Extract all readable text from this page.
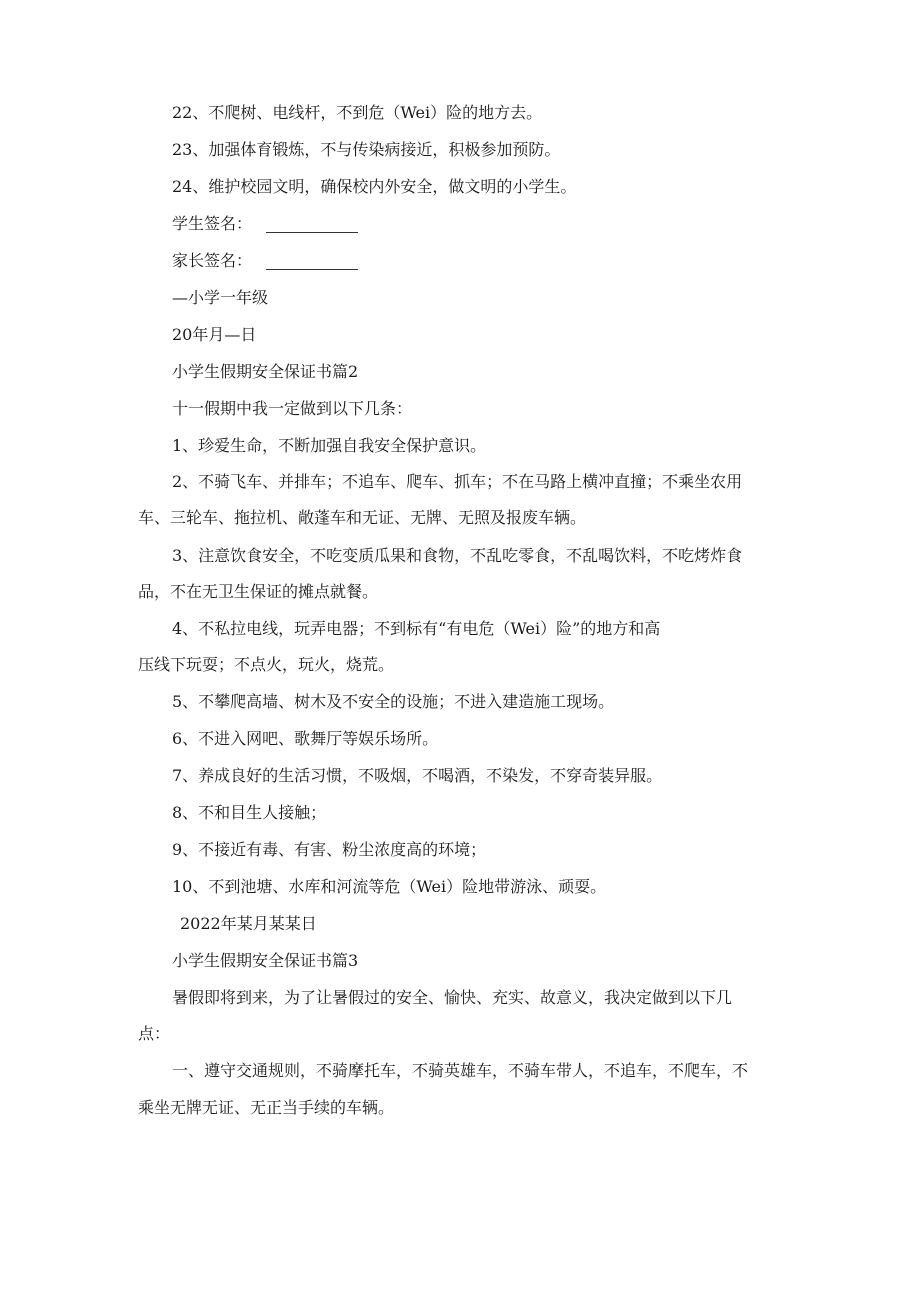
22、不爬树、电线杆，不到危（Wei）险的地方去。
23、加强体育锻炼，不与传染病接近，积极参加预防。
24、维护校园文明，确保校内外安全，做文明的小学生。
学生签名：
家长签名：
—小学一年级
20年月—日
小学生假期安全保证书篇2
十一假期中我一定做到以下几条：
1、珍爱生命，不断加强自我安全保护意识。
2、不骑飞车、并排车；不追车、爬车、抓车；不在马路上横冲直撞；不乘坐农用
车、三轮车、拖拉机、敞蓬车和无证、无牌、无照及报废车辆。
3、注意饮食安全，不吃变质瓜果和食物，不乱吃零食，不乱喝饮料，不吃烤炸食
品，不在无卫生保证的摊点就餐。
4、不私拉电线，玩弄电器；不到标有“有电危（Wei）险”的地方和高
压线下玩耍；不点火，玩火，烧荒。
5、不攀爬高墙、树木及不安全的设施；不进入建造施工现场。
6、不进入网吧、歌舞厅等娱乐场所。
7、养成良好的生活习惯，不吸烟，不喝酒，不染发，不穿奇装异服。
8、不和目生人接触；
9、不接近有毒、有害、粉尘浓度高的环境；
10、不到池塘、水库和河流等危（Wei）险地带游泳、顽耍。
2022年某月某某日
小学生假期安全保证书篇3
暑假即将到来，为了让暑假过的安全、愉快、充实、故意义，我决定做到以下几
点：
一、遵守交通规则，不骑摩托车，不骑英雄车，不骑车带人，不追车，不爬车，不
乘坐无牌无证、无正当手续的车辆。
